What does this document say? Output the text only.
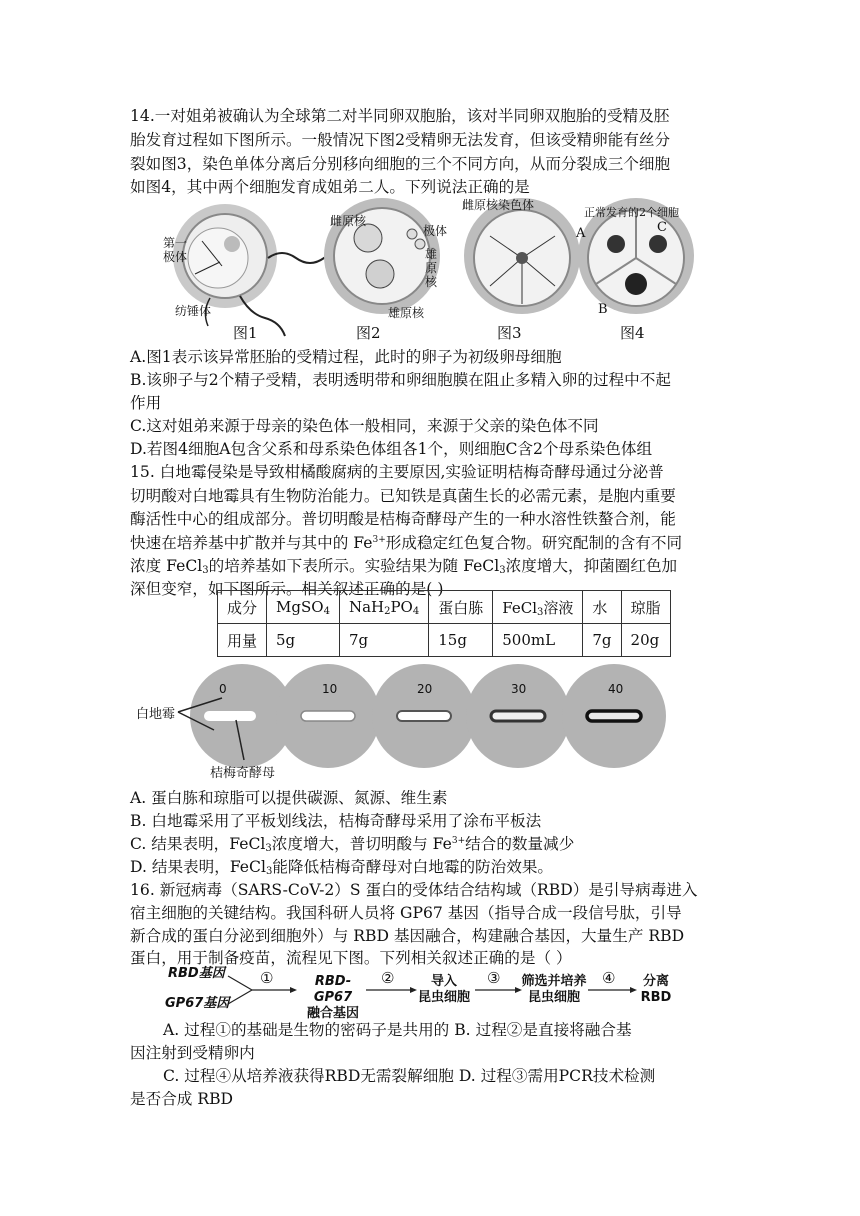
14.一对姐弟被确认为全球第二对半同卵双胞胎，该对半同卵双胞胎的受精及胚
胎发育过程如下图所示。一般情况下图2受精卵无法发育，但该受精卵能有丝分
裂如图3，染色单体分离后分别移向细胞的三个不同方向，从而分裂成三个细胞
如图4，其中两个细胞发育成姐弟二人。下列说法正确的是
第一
极体
纺锤体
雌原核
极体
雄
原
核
雄原核
雌原核染色体
正常发育的2个细胞
A	C
B
图1	图2	图3	图4
A.图1表示该异常胚胎的受精过程，此时的卵子为初级卵母细胞
B.该卵子与2个精子受精，表明透明带和卵细胞膜在阻止多精入卵的过程中不起
作用
C.这对姐弟来源于母亲的染色体一般相同，来源于父亲的染色体不同
D.若图4细胞A包含父系和母系染色体组各1个，则细胞C含2个母系染色体组
15. 白地霉侵染是导致柑橘酸腐病的主要原因,实验证明桔梅奇酵母通过分泌普
切明酸对白地霉具有生物防治能力。已知铁是真菌生长的必需元素，是胞内重要
酶活性中心的组成部分。普切明酸是桔梅奇酵母产生的一种水溶性铁螯合剂，能
快速在培养基中扩散并与其中的 $Fe^{3+}$形成稳定红色复合物。研究配制的含有不同
浓度 FeCl$_3$的培养基如下表所示。实验结果为随 FeCl$_3$浓度增大，抑菌圈红色加
深但变窄，如下图所示。相关叙述正确的是( )
成分	MgSO$_4$	$NaH_2PO_4$	蛋白胨	FeCl$_3$溶液	水	琼脂
用量	5g	7g	15g	500mL	7g	20g
0	10	20	30	40
白地霉
桔梅奇酵母
A. 蛋白胨和琼脂可以提供碳源、氮源、维生素
B. 白地霉采用了平板划线法，桔梅奇酵母采用了涂布平板法
C. 结果表明，FeCl$_3$浓度增大，普切明酸与 $Fe^{3+}$结合的数量减少
D. 结果表明，FeCl$_3$能降低桔梅奇酵母对白地霉的防治效果。
16. 新冠病毒（SARS-CoV-2）S 蛋白的受体结合结构域（RBD）是引导病毒进入
宿主细胞的关键结构。我国科研人员将 GP67 基因（指导合成一段信号肽，引导
新合成的蛋白分泌到细胞外）与 RBD 基因融合，构建融合基因，大量生产 RBD
蛋白，用于制备疫苗，流程见下图。下列相关叙述正确的是（ ）
RBD基因
GP67基因
①	RBD-GP67
融合基因
②	导入
昆虫细胞
③	筛选并培养
昆虫细胞
④	分离
RBD
A. 过程①的基础是生物的密码子是共用的 B. 过程②是直接将融合基
因注射到受精卵内
C. 过程④从培养液获得RBD无需裂解细胞 D. 过程③需用PCR技术检测
是否合成 RBD
